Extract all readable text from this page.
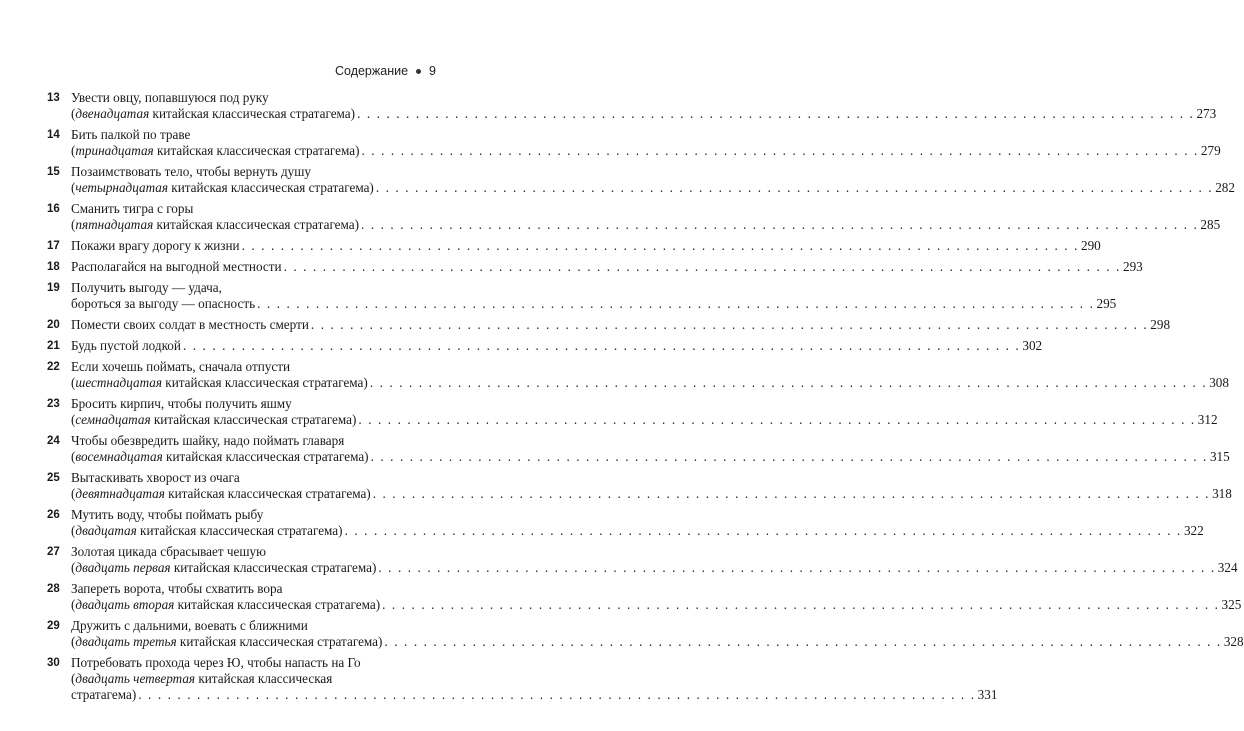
Содержание 9
13 Увести овцу, попавшуюся под руку
(двенадцатая китайская классическая стратагема) . . . . . . . . . . . . . . . . . . . . . . . . . . . . . . . . . . . . . . . . . . . . . . . . . . . . . . . . . . . . . . . . . . . . . . . . . . . . . . . . . . . . . . 273
14 Бить палкой по траве
(тринадцатая китайская классическая стратагема) . . . . . . . . . . . . . . . . . . . . . . . . . . . . . . . . . . . . . . . . . . . . . . . . . . . . . . . . . . . . . . . . . . . . . . . . . . . . . . . . . . . . . . 279
15 Позаимствовать тело, чтобы вернуть душу
(четырнадцатая китайская классическая стратагема) . . . . . . . . . . . . . . . . . . . . . . . . . . . . . . . . . . . . . . . . . . . . . . . . . . . . . . . . . . . . . . . . . . . . . . . . . . . . . . . . . . . . . . 282
16 Сманить тигра с горы
(пятнадцатая китайская классическая стратагема) . . . . . . . . . . . . . . . . . . . . . . . . . . . . . . . . . . . . . . . . . . . . . . . . . . . . . . . . . . . . . . . . . . . . . . . . . . . . . . . . . . . . . . 285
17 Покажи врагу дорогу к жизни . . . . . . . . . . . . . . . . . . . . . . . . . . . . . . . . . . . . . . . . . . . . . . . . . . . . . . . . . . . . . . . . . . . . . . . . . . . . . . . . . . . . . . 290
18 Располагайся на выгодной местности . . . . . . . . . . . . . . . . . . . . . . . . . . . . . . . . . . . . . . . . . . . . . . . . . . . . . . . . . . . . . . . . . . . . . . . . . . . . . . . . . . . . . . 293
19 Получить выгоду — удача,
бороться за выгоду — опасность . . . . . . . . . . . . . . . . . . . . . . . . . . . . . . . . . . . . . . . . . . . . . . . . . . . . . . . . . . . . . . . . . . . . . . . . . . . . . . . . . . . . . . 295
20 Помести своих солдат в местность смерти . . . . . . . . . . . . . . . . . . . . . . . . . . . . . . . . . . . . . . . . . . . . . . . . . . . . . . . . . . . . . . . . . . . . . . . . . . . . . . . . . . . . . . 298
21 Будь пустой лодкой . . . . . . . . . . . . . . . . . . . . . . . . . . . . . . . . . . . . . . . . . . . . . . . . . . . . . . . . . . . . . . . . . . . . . . . . . . . . . . . . . . . . . . 302
22 Если хочешь поймать, сначала отпусти
(шестнадцатая китайская классическая стратагема) . . . . . . . . . . . . . . . . . . . . . . . . . . . . . . . . . . . . . . . . . . . . . . . . . . . . . . . . . . . . . . . . . . . . . . . . . . . . . . . . . . . . . . 308
23 Бросить кирпич, чтобы получить яшму
(семнадцатая китайская классическая стратагема) . . . . . . . . . . . . . . . . . . . . . . . . . . . . . . . . . . . . . . . . . . . . . . . . . . . . . . . . . . . . . . . . . . . . . . . . . . . . . . . . . . . . . . 312
24 Чтобы обезвредить шайку, надо поймать главаря
(восемнадцатая китайская классическая стратагема) . . . . . . . . . . . . . . . . . . . . . . . . . . . . . . . . . . . . . . . . . . . . . . . . . . . . . . . . . . . . . . . . . . . . . . . . . . . . . . . . . . . . . . 315
25 Вытаскивать хворост из очага
(девятнадцатая китайская классическая стратагема) . . . . . . . . . . . . . . . . . . . . . . . . . . . . . . . . . . . . . . . . . . . . . . . . . . . . . . . . . . . . . . . . . . . . . . . . . . . . . . . . . . . . . . 318
26 Мутить воду, чтобы поймать рыбу
(двадцатая китайская классическая стратагема) . . . . . . . . . . . . . . . . . . . . . . . . . . . . . . . . . . . . . . . . . . . . . . . . . . . . . . . . . . . . . . . . . . . . . . . . . . . . . . . . . . . . . . 322
27 Золотая цикада сбрасывает чешую
(двадцать первая китайская классическая стратагема) . . . . . . . . . . . . . . . . . . . . . . . . . . . . . . . . . . . . . . . . . . . . . . . . . . . . . . . . . . . . . . . . . . . . . . . . . . . . . . . . . . . . . . 324
28 Запереть ворота, чтобы схватить вора
(двадцать вторая китайская классическая стратагема) . . . . . . . . . . . . . . . . . . . . . . . . . . . . . . . . . . . . . . . . . . . . . . . . . . . . . . . . . . . . . . . . . . . . . . . . . . . . . . . . . . . . . . 325
29 Дружить с дальними, воевать с ближними
(двадцать третья китайская классическая стратагема) . . . . . . . . . . . . . . . . . . . . . . . . . . . . . . . . . . . . . . . . . . . . . . . . . . . . . . . . . . . . . . . . . . . . . . . . . . . . . . . . . . . . . . 328
30 Потребовать прохода через Ю, чтобы напасть на Го
(двадцать четвертая китайская классическая
стратагема) . . . . . . . . . . . . . . . . . . . . . . . . . . . . . . . . . . . . . . . . . . . . . . . . . . . . . . . . . . . . . . . . . . . . . . . . . . . . . . . . . . . . . . 331
